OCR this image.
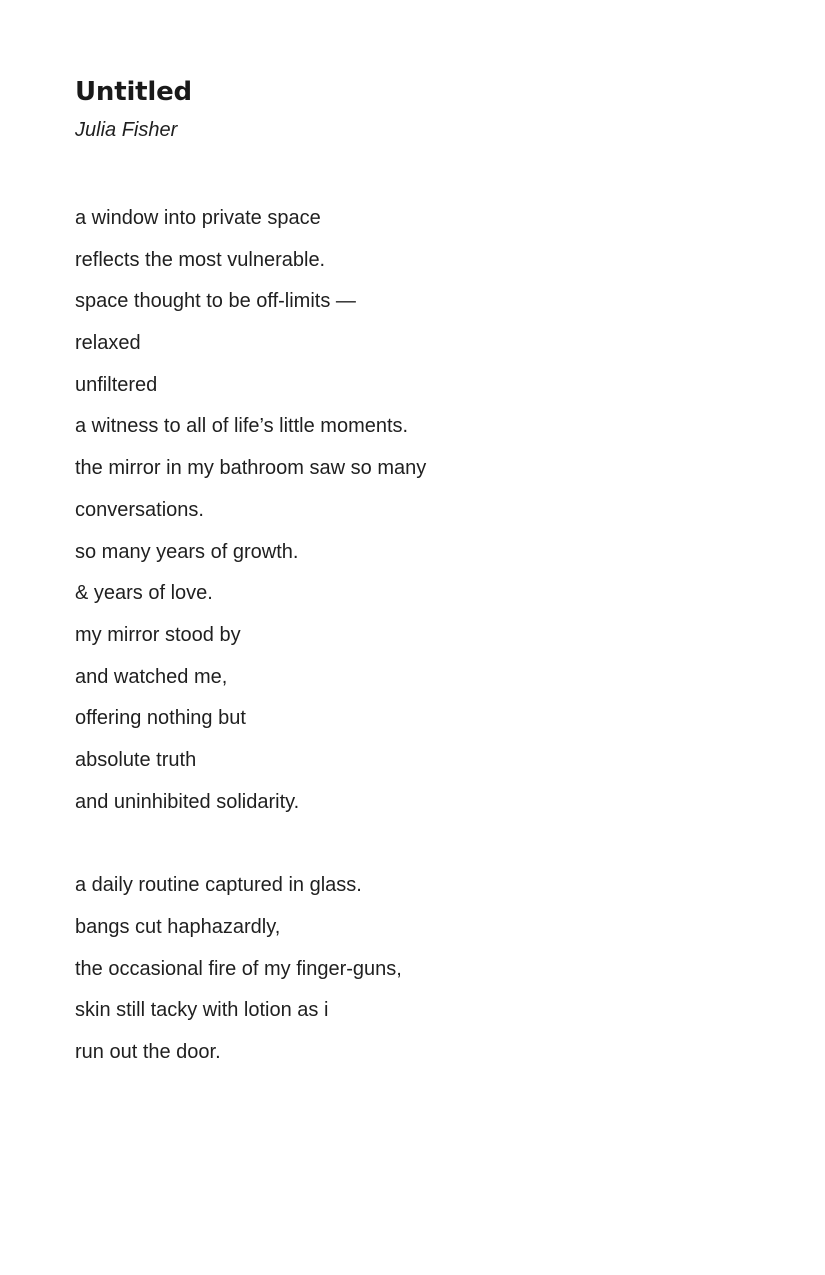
Untitled
Julia Fisher
a window into private space
reflects the most vulnerable.
space thought to be off-limits —
relaxed
unfiltered
a witness to all of life’s little moments.
the mirror in my bathroom saw so many
conversations.
so many years of growth.
& years of love.
my mirror stood by
and watched me,
offering nothing but
absolute truth
and uninhibited solidarity.
a daily routine captured in glass.
bangs cut haphazardly,
the occasional fire of my finger-guns,
skin still tacky with lotion as i
run out the door.
